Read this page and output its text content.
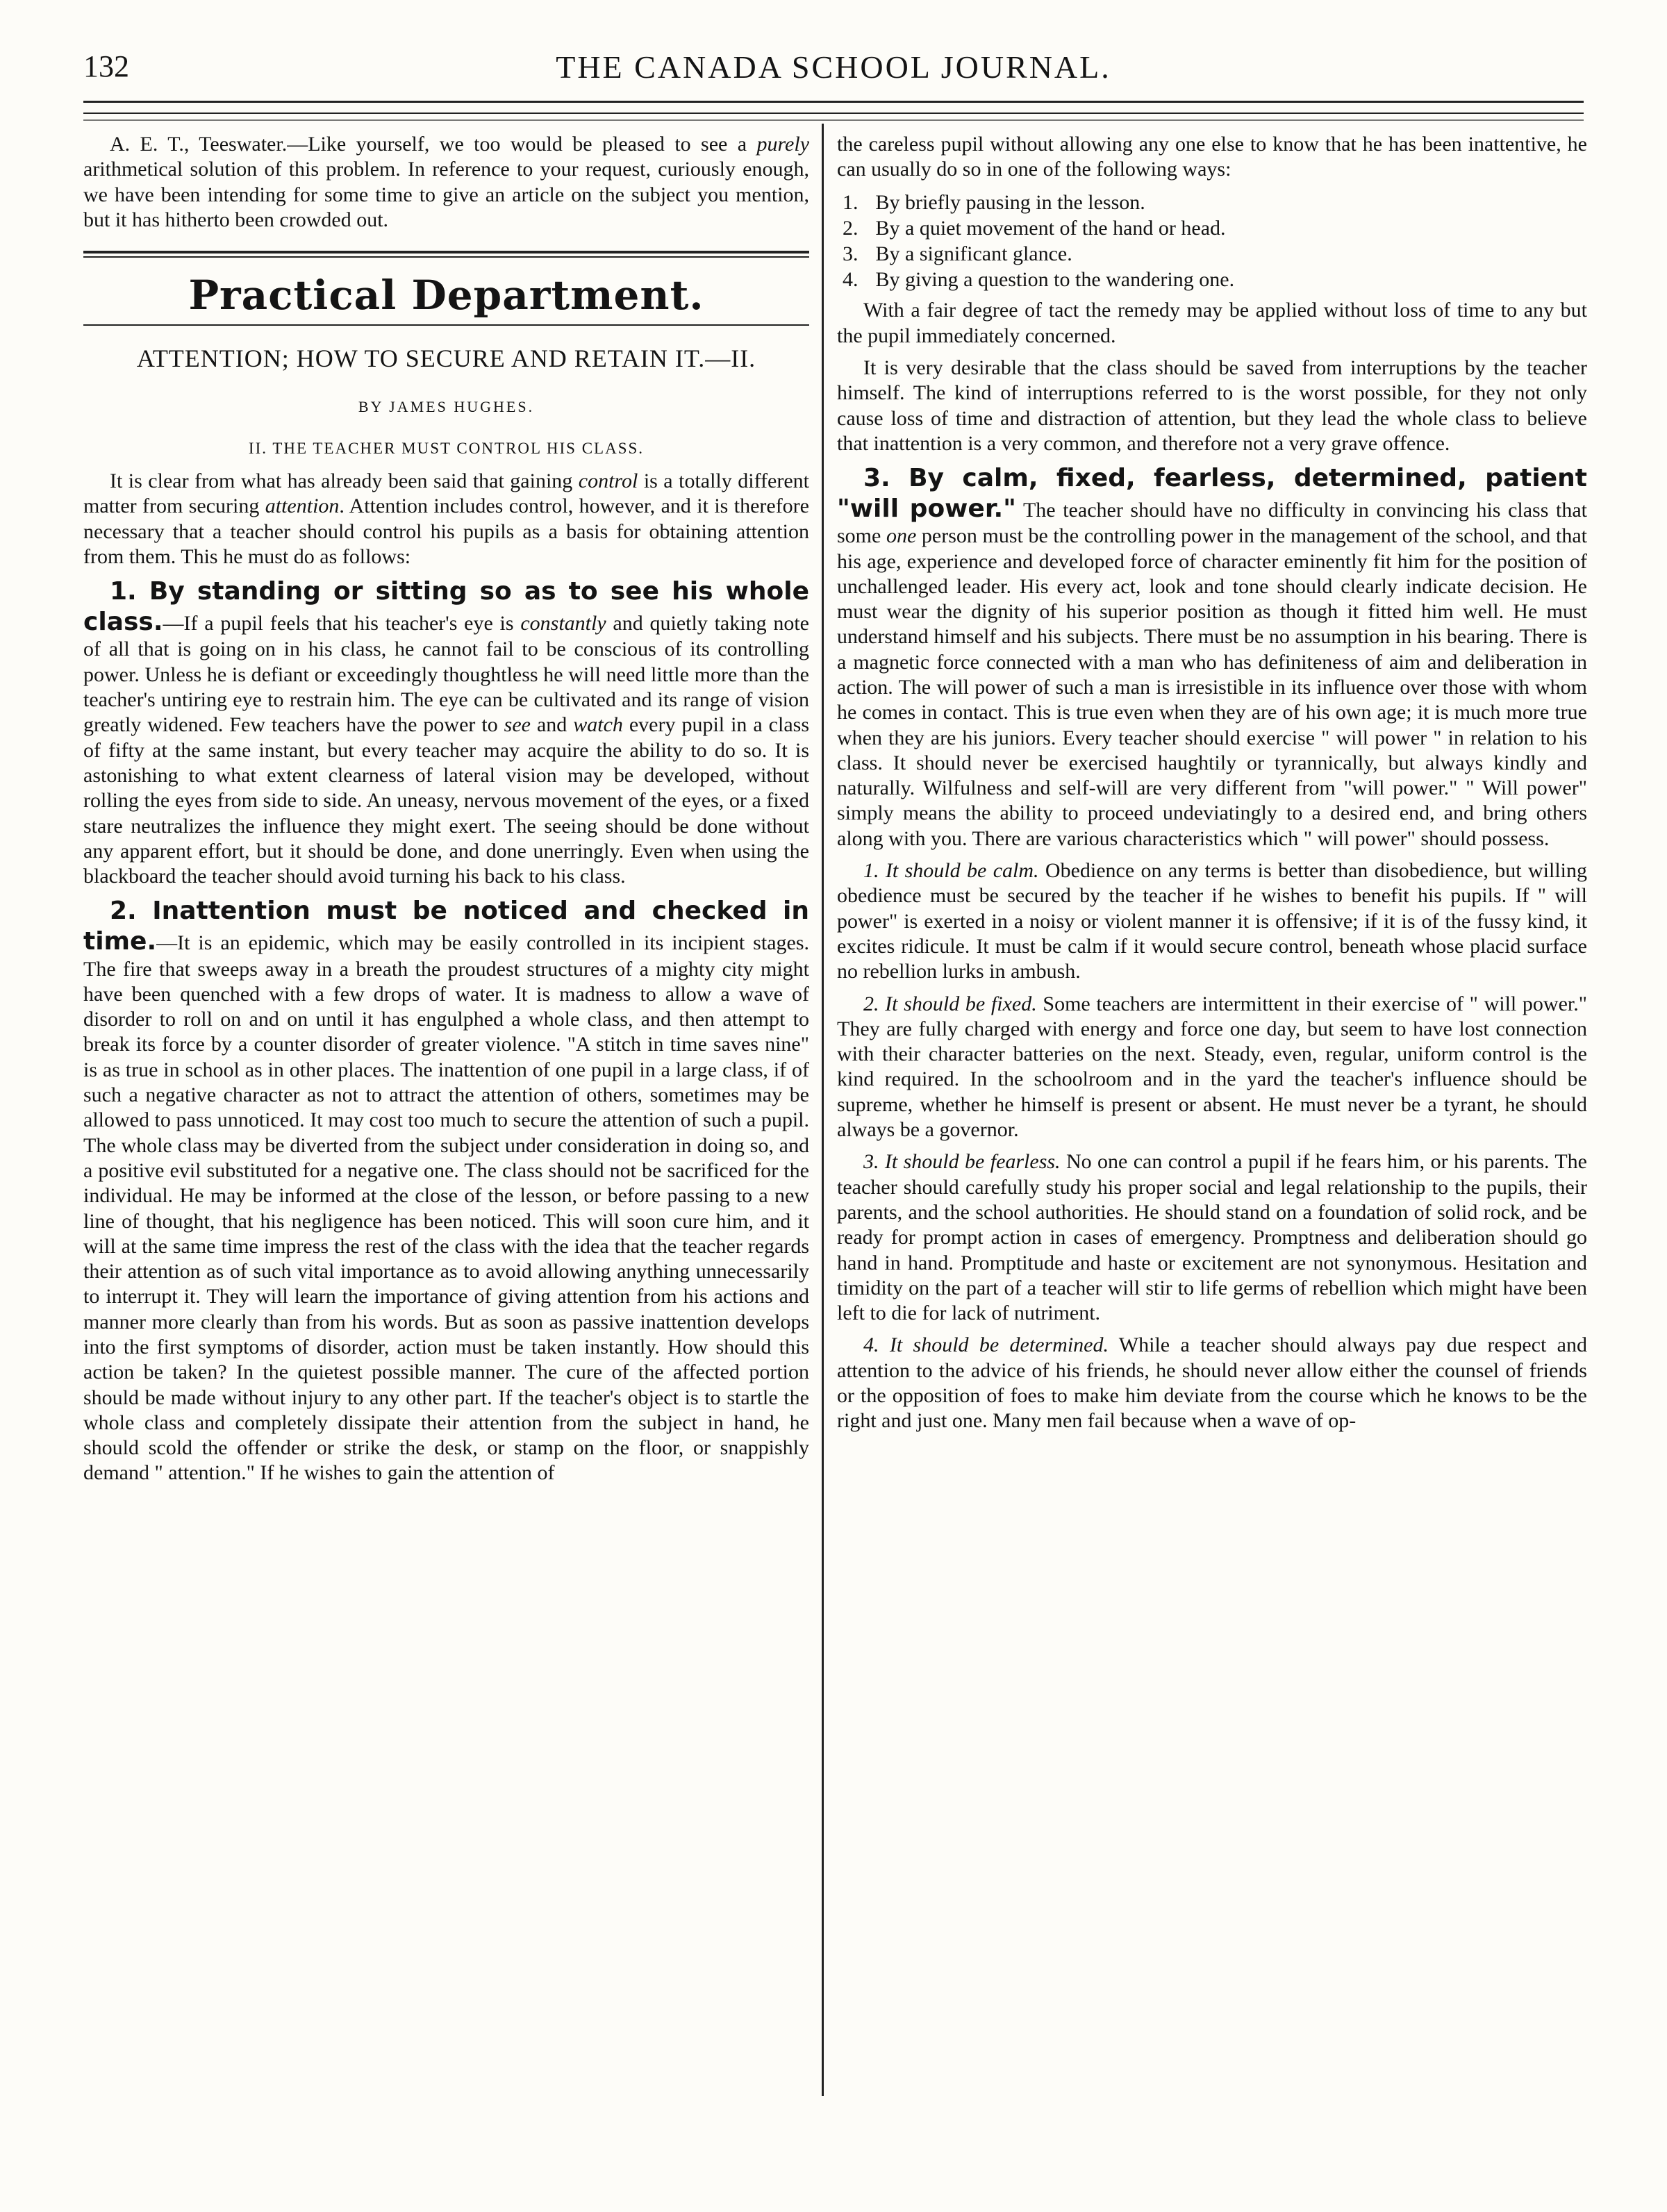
132	THE CANADA SCHOOL JOURNAL.

A. E. T., Teeswater.—Like yourself, we too would be pleased to see a purely arithmetical solution of this problem. In reference to your request, curiously enough, we have been intending for some time to give an article on the subject you mention, but it has hitherto been crowded out.

Practical Department.
ATTENTION; HOW TO SECURE AND RETAIN IT.—II.
BY JAMES HUGHES.
II. THE TEACHER MUST CONTROL HIS CLASS.

It is clear from what has already been said that gaining control is a totally different matter from securing attention. Attention includes control, however, and it is therefore necessary that a teacher should control his pupils as a basis for obtaining attention from them. This he must do as follows:

1. By standing or sitting so as to see his whole class.—If a pupil feels that his teacher's eye is constantly and quietly taking note of all that is going on in his class, he cannot fail to be conscious of its controlling power. Unless he is defiant or exceedingly thoughtless he will need little more than the teacher's untiring eye to restrain him. The eye can be cultivated and its range of vision greatly widened. Few teachers have the power to see and watch every pupil in a class of fifty at the same instant, but every teacher may acquire the ability to do so. It is astonishing to what extent clearness of lateral vision may be developed, without rolling the eyes from side to side. An uneasy, nervous movement of the eyes, or a fixed stare neutralizes the influence they might exert. The seeing should be done without any apparent effort, but it should be done, and done unerringly. Even when using the blackboard the teacher should avoid turning his back to his class.

2. Inattention must be noticed and checked in time.—It is an epidemic, which may be easily controlled in its incipient stages. The fire that sweeps away in a breath the proudest structures of a mighty city might have been quenched with a few drops of water. It is madness to allow a wave of disorder to roll on and on until it has engulphed a whole class, and then attempt to break its force by a counter disorder of greater violence. "A stitch in time saves nine" is as true in school as in other places. The inattention of one pupil in a large class, if of such a negative character as not to attract the attention of others, sometimes may be allowed to pass unnoticed. It may cost too much to secure the attention of such a pupil. The whole class may be diverted from the subject under consideration in doing so, and a positive evil substituted for a negative one. The class should not be sacrificed for the individual. He may be informed at the close of the lesson, or before passing to a new line of thought, that his negligence has been noticed. This will soon cure him, and it will at the same time impress the rest of the class with the idea that the teacher regards their attention as of such vital importance as to avoid allowing anything unnecessarily to interrupt it. They will learn the importance of giving attention from his actions and manner more clearly than from his words. But as soon as passive inattention develops into the first symptoms of disorder, action must be taken instantly. How should this action be taken? In the quietest possible manner. The cure of the affected portion should be made without injury to any other part. If the teacher's object is to startle the whole class and completely dissipate their attention from the subject in hand, he should scold the offender or strike the desk, or stamp on the floor, or snappishly demand " attention." If he wishes to gain the attention of

the careless pupil without allowing any one else to know that he has been inattentive, he can usually do so in one of the following ways:

1. By briefly pausing in the lesson.
2. By a quiet movement of the hand or head.
3. By a significant glance.
4. By giving a question to the wandering one.

With a fair degree of tact the remedy may be applied without loss of time to any but the pupil immediately concerned.

It is very desirable that the class should be saved from interruptions by the teacher himself. The kind of interruptions referred to is the worst possible, for they not only cause loss of time and distraction of attention, but they lead the whole class to believe that inattention is a very common, and therefore not a very grave offence.

3. By calm, fixed, fearless, determined, patient "will power." The teacher should have no difficulty in convincing his class that some one person must be the controlling power in the management of the school, and that his age, experience and developed force of character eminently fit him for the position of unchallenged leader. His every act, look and tone should clearly indicate decision. He must wear the dignity of his superior position as though it fitted him well. He must understand himself and his subjects. There must be no assumption in his bearing. There is a magnetic force connected with a man who has definiteness of aim and deliberation in action. The will power of such a man is irresistible in its influence over those with whom he comes in contact. This is true even when they are of his own age; it is much more true when they are his juniors. Every teacher should exercise " will power " in relation to his class. It should never be exercised haughtily or tyrannically, but always kindly and naturally. Wilfulness and self-will are very different from "will power." " Will power" simply means the ability to proceed undeviatingly to a desired end, and bring others along with you. There are various characteristics which " will power" should possess.

1. It should be calm. Obedience on any terms is better than disobedience, but willing obedience must be secured by the teacher if he wishes to benefit his pupils. If " will power" is exerted in a noisy or violent manner it is offensive; if it is of the fussy kind, it excites ridicule. It must be calm if it would secure control, beneath whose placid surface no rebellion lurks in ambush.

2. It should be fixed. Some teachers are intermittent in their exercise of " will power." They are fully charged with energy and force one day, but seem to have lost connection with their character batteries on the next. Steady, even, regular, uniform control is the kind required. In the schoolroom and in the yard the teacher's influence should be supreme, whether he himself is present or absent. He must never be a tyrant, he should always be a governor.

3. It should be fearless. No one can control a pupil if he fears him, or his parents. The teacher should carefully study his proper social and legal relationship to the pupils, their parents, and the school authorities. He should stand on a foundation of solid rock, and be ready for prompt action in cases of emergency. Promptness and deliberation should go hand in hand. Promptitude and haste or excitement are not synonymous. Hesitation and timidity on the part of a teacher will stir to life germs of rebellion which might have been left to die for lack of nutriment.

4. It should be determined. While a teacher should always pay due respect and attention to the advice of his friends, he should never allow either the counsel of friends or the opposition of foes to make him deviate from the course which he knows to be the right and just one. Many men fail because when a wave of op-
